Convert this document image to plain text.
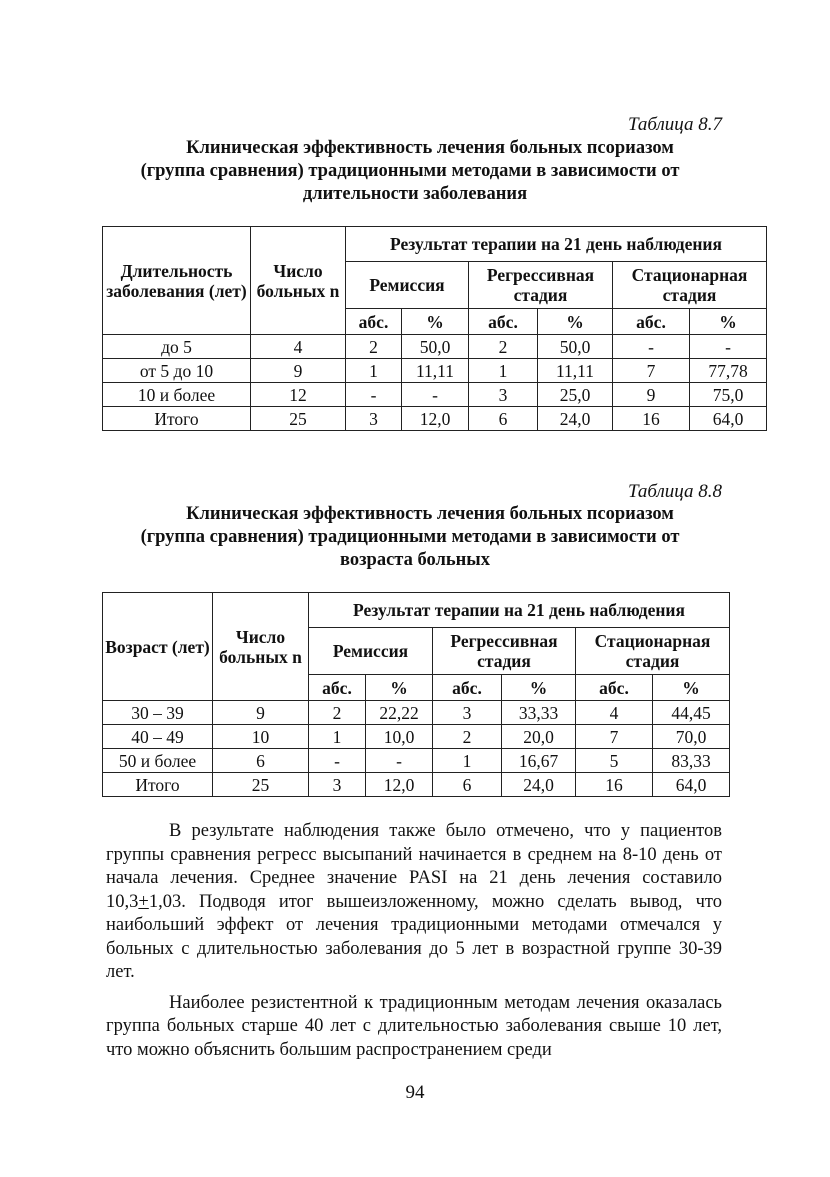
Таблица 8.7
Клиническая эффективность лечения больных псориазом
(группа сравнения) традиционными методами в зависимости от
длительности заболевания
Длительность заболевания (лет)	Число больных n	Результат терапии на 21 день наблюдения					
		Ремиссия		Регрессивная стадия		Стационарная стадия	
		абс.	%	абс.	%	абс.	%
до 5	4	2	50,0	2	50,0	-	-
от 5 до 10	9	1	11,11	1	11,11	7	77,78
10 и более	12	-	-	3	25,0	9	75,0
Итого	25	3	12,0	6	24,0	16	64,0
Таблица 8.8
Клиническая эффективность лечения больных псориазом
(группа сравнения) традиционными методами в зависимости от
возраста больных
Возраст (лет)	Число больных n	Результат терапии на 21 день наблюдения					
		Ремиссия		Регрессивная стадия		Стационарная стадия	
		абс.	%	абс.	%	абс.	%
30 – 39	9	2	22,22	3	33,33	4	44,45
40 – 49	10	1	10,0	2	20,0	7	70,0
50 и более	6	-	-	1	16,67	5	83,33
Итого	25	3	12,0	6	24,0	16	64,0

В результате наблюдения также было отмечено, что у пациентов группы сравнения регресс высыпаний начинается в среднем на 8-10 день от начала лечения. Среднее значение PASI на 21 день лечения составило 10,3+1,03. Подводя итог вышеизложенному, можно сделать вывод, что наибольший эффект от лечения традиционными методами отмечался у больных с длительностью заболевания до 5 лет в возрастной группе 30-39 лет.

Наиболее резистентной к традиционным методам лечения оказалась группа больных старше 40 лет с длительностью заболевания свыше 10 лет, что можно объяснить большим распространением среди

94
